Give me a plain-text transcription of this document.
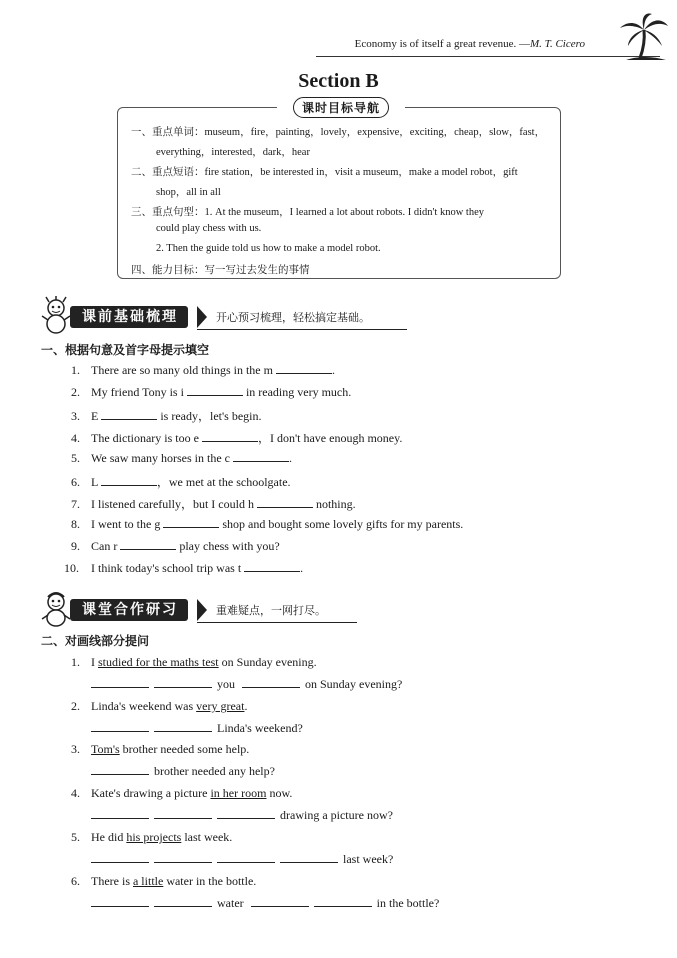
Economy is of itself a great revenue. —M. T. Cicero
Section B
课时目标导航
一、重点单词：museum，fire，painting，lovely，expensive，exciting，cheap，slow，fast，
everything，interested，dark，hear
二、重点短语：fire station，be interested in，visit a museum，make a model robot，gift
shop，all in all
三、重点句型：1. At the museum，I learned a lot about robots. I didn't know they
could play chess with us.
2. Then the guide told us how to make a model robot.
四、能力目标：写一写过去发生的事情
课前基础梳理	开心预习梳理，轻松搞定基础。
一、根据句意及首字母提示填空
1. There are so many old things in the m	.
2. My friend Tony is i	in reading very much.
3. E	is ready，let's begin.
4. The dictionary is too e	，I don't have enough money.
5. We saw many horses in the c	.
6. L	，we met at the schoolgate.
7. I listened carefully，but I could h	nothing.
8. I went to the g	shop and bought some lovely gifts for my parents.
9. Can r	play chess with you?
10. I think today's school trip was t	.
课堂合作研习	重难疑点，一网打尽。
二、对画线部分提问
1. I studied for the maths test on Sunday evening.
you	on Sunday evening?
2. Linda's weekend was very great.
Linda's weekend?
3. Tom's brother needed some help.
brother needed any help?
4. Kate's drawing a picture in her room now.
drawing a picture now?
5. He did his projects last week.
last week?
6. There is a little water in the bottle.
water	in the bottle?
